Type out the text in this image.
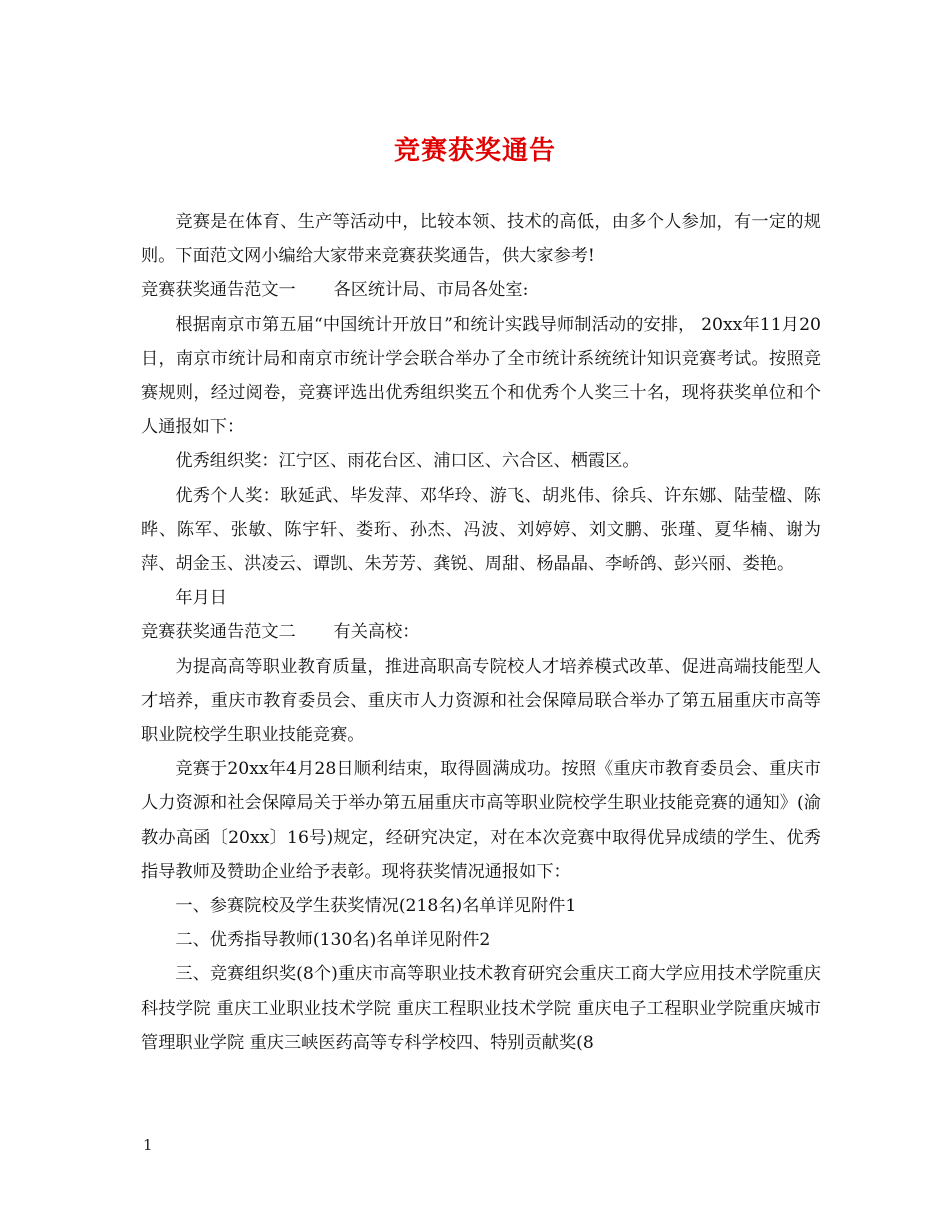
竞赛获奖通告

竞赛是在体育、生产等活动中，比较本领、技术的高低，由多个人参加，有一定的规则。下面范文网小编给大家带来竞赛获奖通告，供大家参考!

竞赛获奖通告范文一 各区统计局、市局各处室:

根据南京市第五届“中国统计开放日”和统计实践导师制活动的安排， 20xx年11月20日，南京市统计局和南京市统计学会联合举办了全市统计系统统计知识竞赛考试。按照竞赛规则，经过阅卷，竞赛评选出优秀组织奖五个和优秀个人奖三十名，现将获奖单位和个人通报如下：

优秀组织奖：江宁区、雨花台区、浦口区、六合区、栖霞区。

优秀个人奖：耿延武、毕发萍、邓华玲、游飞、胡兆伟、徐兵、许东娜、陆莹楹、陈晔、陈军、张敏、陈宇轩、娄珩、孙杰、冯波、刘婷婷、刘文鹏、张瑾、夏华楠、谢为萍、胡金玉、洪凌云、谭凯、朱芳芳、龚锐、周甜、杨晶晶、李峤鸽、彭兴丽、娄艳。

年月日

竞赛获奖通告范文二 有关高校：

为提高高等职业教育质量，推进高职高专院校人才培养模式改革、促进高端技能型人才培养，重庆市教育委员会、重庆市人力资源和社会保障局联合举办了第五届重庆市高等职业院校学生职业技能竞赛。

竞赛于20xx年4月28日顺利结束，取得圆满成功。按照《重庆市教育委员会、重庆市人力资源和社会保障局关于举办第五届重庆市高等职业院校学生职业技能竞赛的通知》(渝教办高函〔20xx〕16号)规定，经研究决定，对在本次竞赛中取得优异成绩的学生、优秀指导教师及赞助企业给予表彰。现将获奖情况通报如下：

一、参赛院校及学生获奖情况(218名)名单详见附件1

二、优秀指导教师(130名)名单详见附件2

三、竞赛组织奖(8个)重庆市高等职业技术教育研究会重庆工商大学应用技术学院重庆科技学院 重庆工业职业技术学院 重庆工程职业技术学院 重庆电子工程职业学院重庆城市管理职业学院 重庆三峡医药高等专科学校四、特别贡献奖(8

1
